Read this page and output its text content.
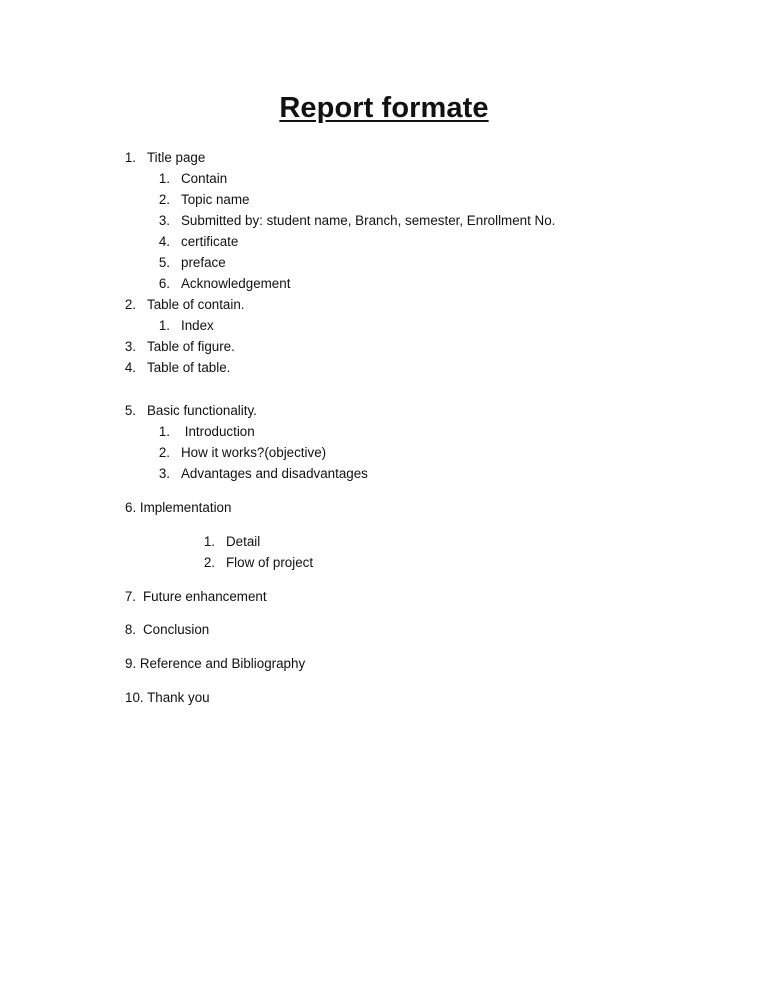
Report formate
1. Title page
1. Contain
2. Topic name
3. Submitted by: student name, Branch, semester, Enrollment No.
4. certificate
5. preface
6. Acknowledgement
2. Table of contain.
1. Index
3. Table of figure.
4. Table of table.
5. Basic functionality.
1. Introduction
2. How it works?(objective)
3. Advantages and disadvantages
6. Implementation
1. Detail
2. Flow of project
7. Future enhancement
8. Conclusion
9. Reference and Bibliography
10. Thank you
